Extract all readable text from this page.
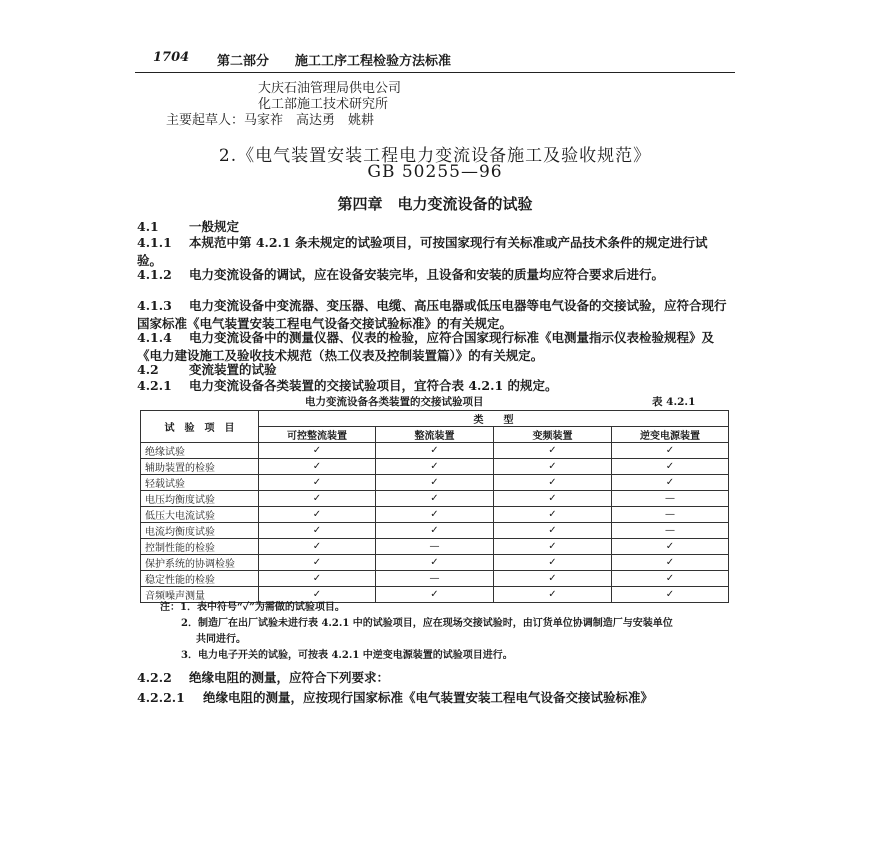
1704 第二部分 施工工序工程检验方法标准
大庆石油管理局供电公司
化工部施工技术研究所
主要起草人：马家祚　高达勇　姚耕
2.《电气装置安装工程电力变流设备施工及验收规范》
GB 50255—96
第四章　电力变流设备的试验
4.1 一般规定
4.1.1 本规范中第 4.2.1 条未规定的试验项目，可按国家现行有关标准或产品技术条件的规定进行试验。
4.1.2 电力变流设备的调试，应在设备安装完毕，且设备和安装的质量均应符合要求后进行。
4.1.3 电力变流设备中变流器、变压器、电缆、高压电器或低压电器等电气设备的交接试验，应符合现行国家标准《电气装置安装工程电气设备交接试验标准》的有关规定。
4.1.4 电力变流设备中的测量仪器、仪表的检验，应符合国家现行标准《电测量指示仪表检验规程》及《电力建设施工及验收技术规范（热工仪表及控制装置篇）》的有关规定。
4.2 变流装置的试验
4.2.1 电力变流设备各类装置的交接试验项目，宜符合表 4.2.1 的规定。
电力变流设备各类装置的交接试验项目	表 4.2.1
试　验　项　目	类　　型			
	可控整流装置	整流装置	变频装置	逆变电源装置
绝缘试验	✓	✓	✓	✓
辅助装置的检验	✓	✓	✓	✓
轻载试验	✓	✓	✓	✓
电压均衡度试验	✓	✓	✓	—
低压大电流试验	✓	✓	✓	—
电流均衡度试验	✓	✓	✓	—
控制性能的检验	✓	—	✓	✓
保护系统的协调检验	✓	✓	✓	✓
稳定性能的检验	✓	—	✓	✓
音频噪声测量	✓	✓	✓	✓
注：1．表中符号“✓”为需做的试验项目。
2．制造厂在出厂试验未进行表 4.2.1 中的试验项目，应在现场交接试验时，由订货单位协调制造厂与安装单位
共同进行。
3．电力电子开关的试验，可按表 4.2.1 中逆变电源装置的试验项目进行。
4.2.2 绝缘电阻的测量，应符合下列要求：
4.2.2.1 绝缘电阻的测量，应按现行国家标准《电气装置安装工程电气设备交接试验标准》
